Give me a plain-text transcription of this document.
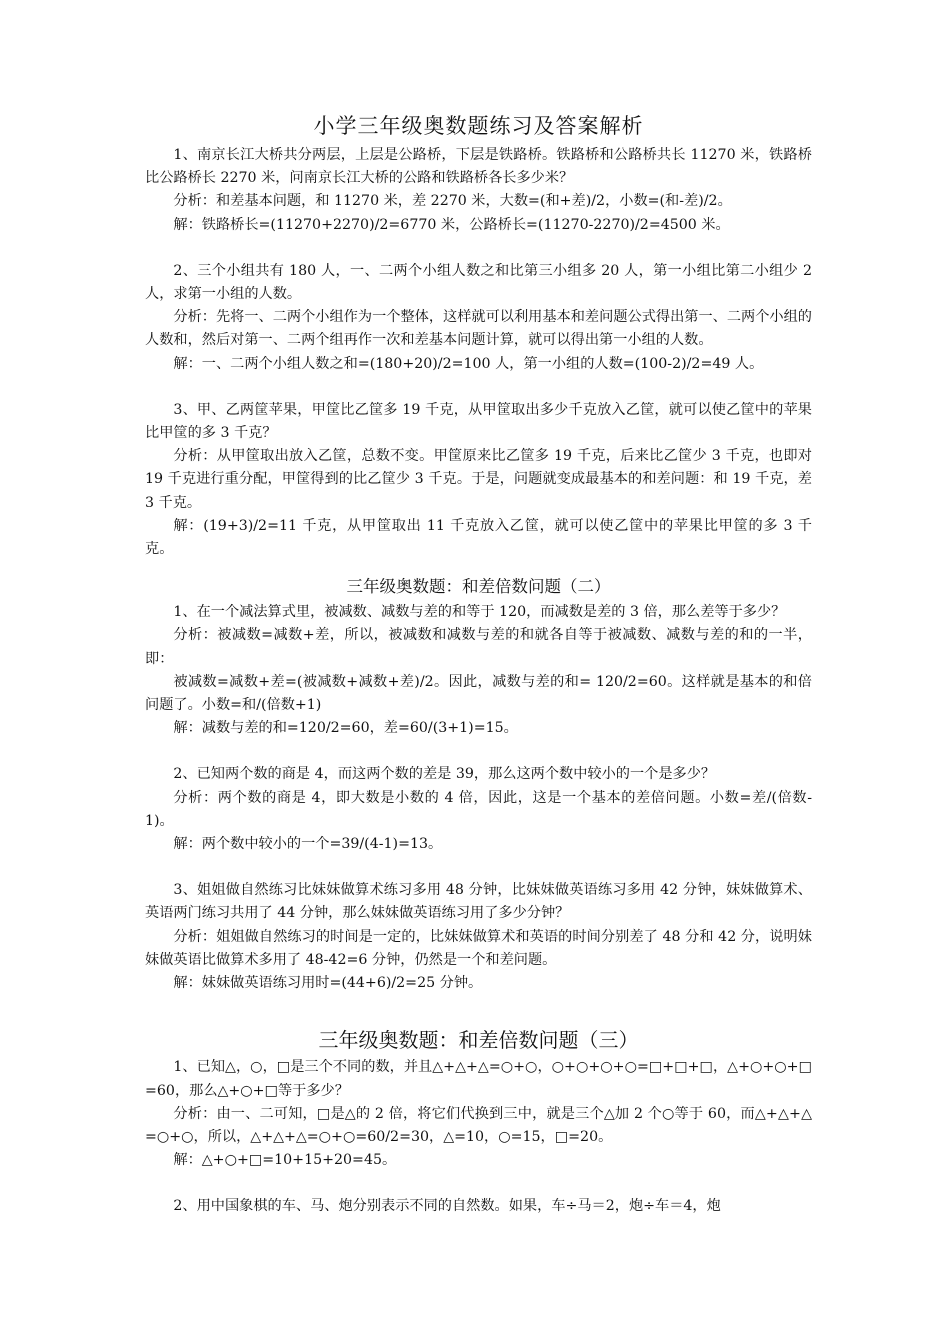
小学三年级奥数题练习及答案解析

1、南京长江大桥共分两层，上层是公路桥，下层是铁路桥。铁路桥和公路桥共长 11270 米，铁路桥比公路桥长 2270 米，问南京长江大桥的公路和铁路桥各长多少米？

分析：和差基本问题，和 11270 米，差 2270 米，大数=(和+差)/2，小数=(和-差)/2。

解：铁路桥长=(11270+2270)/2=6770 米，公路桥长=(11270-2270)/2=4500 米。

2、三个小组共有 180 人，一、二两个小组人数之和比第三小组多 20 人，第一小组比第二小组少 2 人，求第一小组的人数。

分析：先将一、二两个小组作为一个整体，这样就可以利用基本和差问题公式得出第一、二两个小组的人数和，然后对第一、二两个组再作一次和差基本问题计算，就可以得出第一小组的人数。

解：一、二两个小组人数之和=(180+20)/2=100 人，第一小组的人数=(100-2)/2=49 人。

3、甲、乙两筐苹果，甲筐比乙筐多 19 千克，从甲筐取出多少千克放入乙筐，就可以使乙筐中的苹果比甲筐的多 3 千克？

分析：从甲筐取出放入乙筐，总数不变。甲筐原来比乙筐多 19 千克，后来比乙筐少 3 千克，也即对 19 千克进行重分配，甲筐得到的比乙筐少 3 千克。于是，问题就变成最基本的和差问题：和 19 千克，差 3 千克。

解：(19+3)/2=11 千克，从甲筐取出 11 千克放入乙筐，就可以使乙筐中的苹果比甲筐的多 3 千克。

三年级奥数题：和差倍数问题（二）

1、在一个减法算式里，被减数、减数与差的和等于 120，而减数是差的 3 倍，那么差等于多少？

分析：被减数=减数+差，所以，被减数和减数与差的和就各自等于被减数、减数与差的和的一半，即：

被减数=减数+差=(被减数+减数+差)/2。因此，减数与差的和= 120/2=60。这样就是基本的和倍问题了。小数=和/(倍数+1)

解：减数与差的和=120/2=60，差=60/(3+1)=15。

2、已知两个数的商是 4，而这两个数的差是 39，那么这两个数中较小的一个是多少？

分析：两个数的商是 4，即大数是小数的 4 倍，因此，这是一个基本的差倍问题。小数=差/(倍数-1)。

解：两个数中较小的一个=39/(4-1)=13。

3、姐姐做自然练习比妹妹做算术练习多用 48 分钟，比妹妹做英语练习多用 42 分钟，妹妹做算术、英语两门练习共用了 44 分钟，那么妹妹做英语练习用了多少分钟？

分析：姐姐做自然练习的时间是一定的，比妹妹做算术和英语的时间分别差了 48 分和 42 分，说明妹妹做英语比做算术多用了 48-42=6 分钟，仍然是一个和差问题。

解：妹妹做英语练习用时=(44+6)/2=25 分钟。

三年级奥数题：和差倍数问题（三）

1、已知△，○，□是三个不同的数，并且△+△+△=○+○，○+○+○+○=□+□+□，△+○+○+□=60，那么△+○+□等于多少？

分析：由一、二可知，□是△的 2 倍，将它们代换到三中，就是三个△加 2 个○等于 60，而△+△+△=○+○，所以，△+△+△=○+○=60/2=30，△=10，○=15，□=20。

解：△+○+□=10+15+20=45。

2、用中国象棋的车、马、炮分别表示不同的自然数。如果，车÷马＝2，炮÷车＝4，炮
